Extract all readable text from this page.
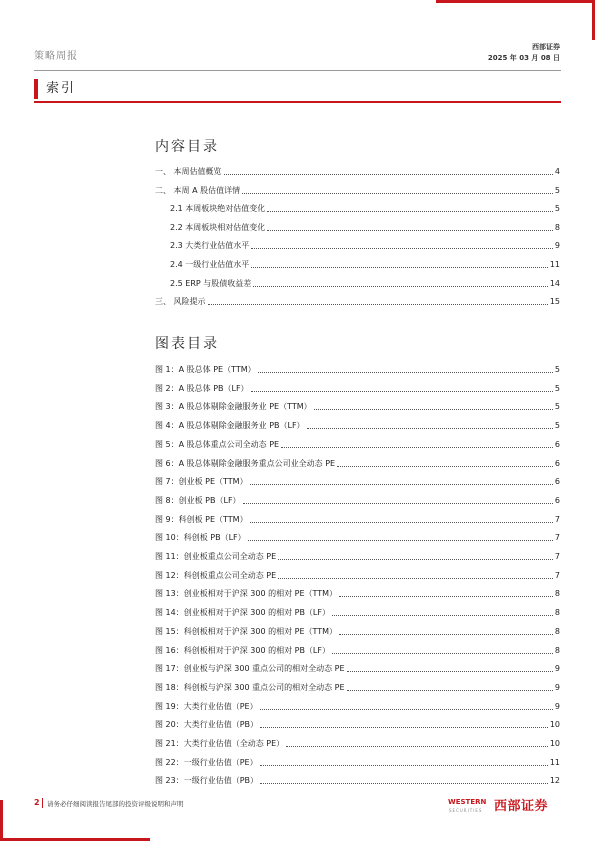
策略周报
西部证券
2025 年 03 月 08 日
索引
内容目录
一、 本周估值概览	4
二、 本周 A 股估值详情	5
2.1 本周板块绝对估值变化	5
2.2 本周板块相对估值变化	8
2.3 大类行业估值水平	9
2.4 一级行业估值水平	11
2.5 ERP 与股债收益差	14
三、 风险提示	15
图表目录
图 1：A 股总体 PE（TTM）	5
图 2：A 股总体 PB（LF）	5
图 3：A 股总体剔除金融服务业 PE（TTM）	5
图 4：A 股总体剔除金融服务业 PB（LF）	5
图 5：A 股总体重点公司全动态 PE	6
图 6：A 股总体剔除金融服务重点公司业全动态 PE	6
图 7：创业板 PE（TTM）	6
图 8：创业板 PB（LF）	6
图 9：科创板 PE（TTM）	7
图 10：科创板 PB（LF）	7
图 11：创业板重点公司全动态 PE	7
图 12：科创板重点公司全动态 PE	7
图 13：创业板相对于沪深 300 的相对 PE（TTM）	8
图 14：创业板相对于沪深 300 的相对 PB（LF）	8
图 15：科创板相对于沪深 300 的相对 PE（TTM）	8
图 16：科创板相对于沪深 300 的相对 PB（LF）	8
图 17：创业板与沪深 300 重点公司的相对全动态 PE	9
图 18：科创板与沪深 300 重点公司的相对全动态 PE	9
图 19：大类行业估值（PE）	9
图 20：大类行业估值（PB）	10
图 21：大类行业估值（全动态 PE）	10
图 22：一级行业估值（PE）	11
图 23：一级行业估值（PB）	12
2 请务必仔细阅读报告尾部的投资评级说明和声明	WESTERN
SECURITIES 西部证券
